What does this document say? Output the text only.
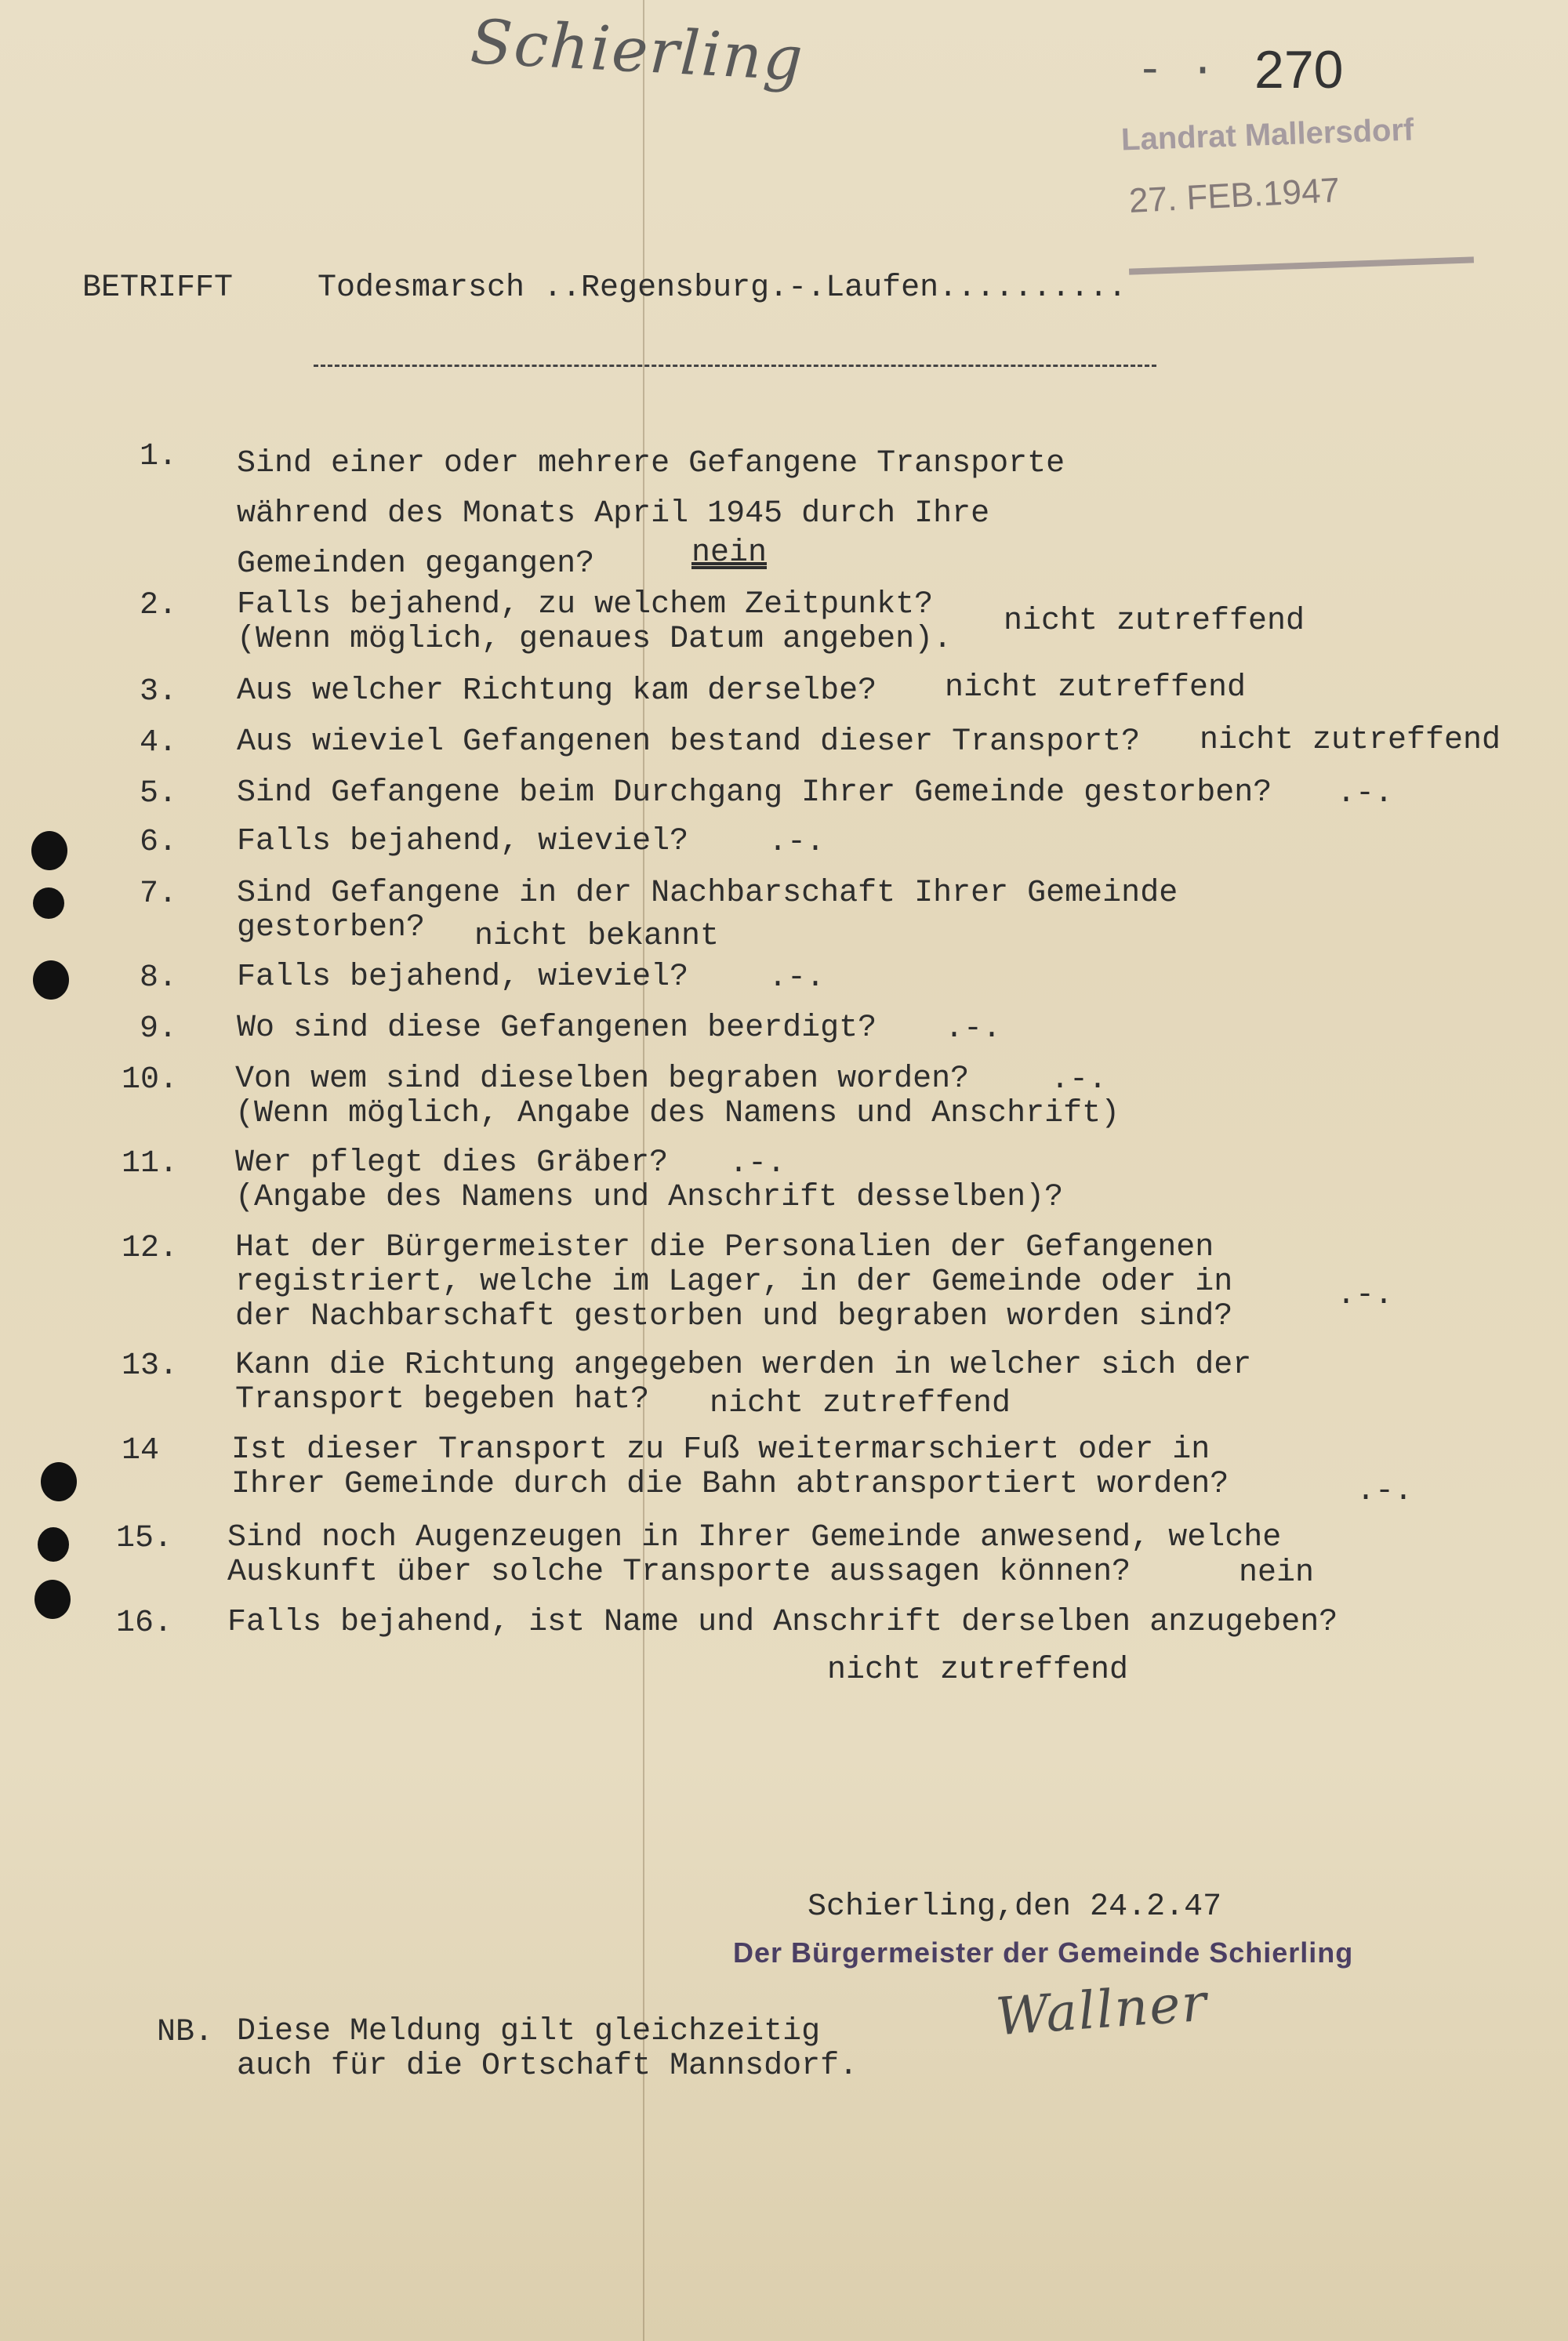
Schierling	- · 270
Landrat Mallersdorf
27. FEB.1947
BETRIFFT	Todesmarsch ..Regensburg.-.Laufen..........
1. Sind einer oder mehrere Gefangene Transporte
während des Monats April 1945 durch Ihre
Gemeinden gegangen?	nein
2. Falls bejahend, zu welchem Zeitpunkt?
(Wenn möglich, genaues Datum angeben).
nicht zutreffend
3. Aus welcher Richtung kam derselbe? nicht zutreffend
4. Aus wieviel Gefangenen bestand dieser Transport? nicht zutreffend
5. Sind Gefangene beim Durchgang Ihrer Gemeinde gestorben? .-.
6. Falls bejahend, wieviel?	.-.
7. Sind Gefangene in der Nachbarschaft Ihrer Gemeinde
gestorben?	nicht bekannt
8. Falls bejahend, wieviel?	.-.
9. Wo sind diese Gefangenen beerdigt? .-.
10. Von wem sind dieselben begraben worden?
(Wenn möglich, Angabe des Namens und Anschrift)
.-.
11. Wer pflegt dies Gräber?
(Angabe des Namens und Anschrift desselben)?
.-.
12. Hat der Bürgermeister die Personalien der Gefangenen
registriert, welche im Lager, in der Gemeinde oder in
der Nachbarschaft gestorben und begraben worden sind?
.-.
13. Kann die Richtung angegeben werden in welcher sich der
Transport begeben hat?	nicht zutreffend
14 Ist dieser Transport zu Fuß weitermarschiert oder in
Ihrer Gemeinde durch die Bahn abtransportiert worden?	.-.
15. Sind noch Augenzeugen in Ihrer Gemeinde anwesend, welche
Auskunft über solche Transporte aussagen können?	nein
16. Falls bejahend, ist Name und Anschrift derselben anzugeben?
nicht zutreffend
Schierling,den 24.2.47
Der Bürgermeister der Gemeinde Schierling
Wallner
NB. Diese Meldung gilt gleichzeitig
auch für die Ortschaft Mannsdorf.
